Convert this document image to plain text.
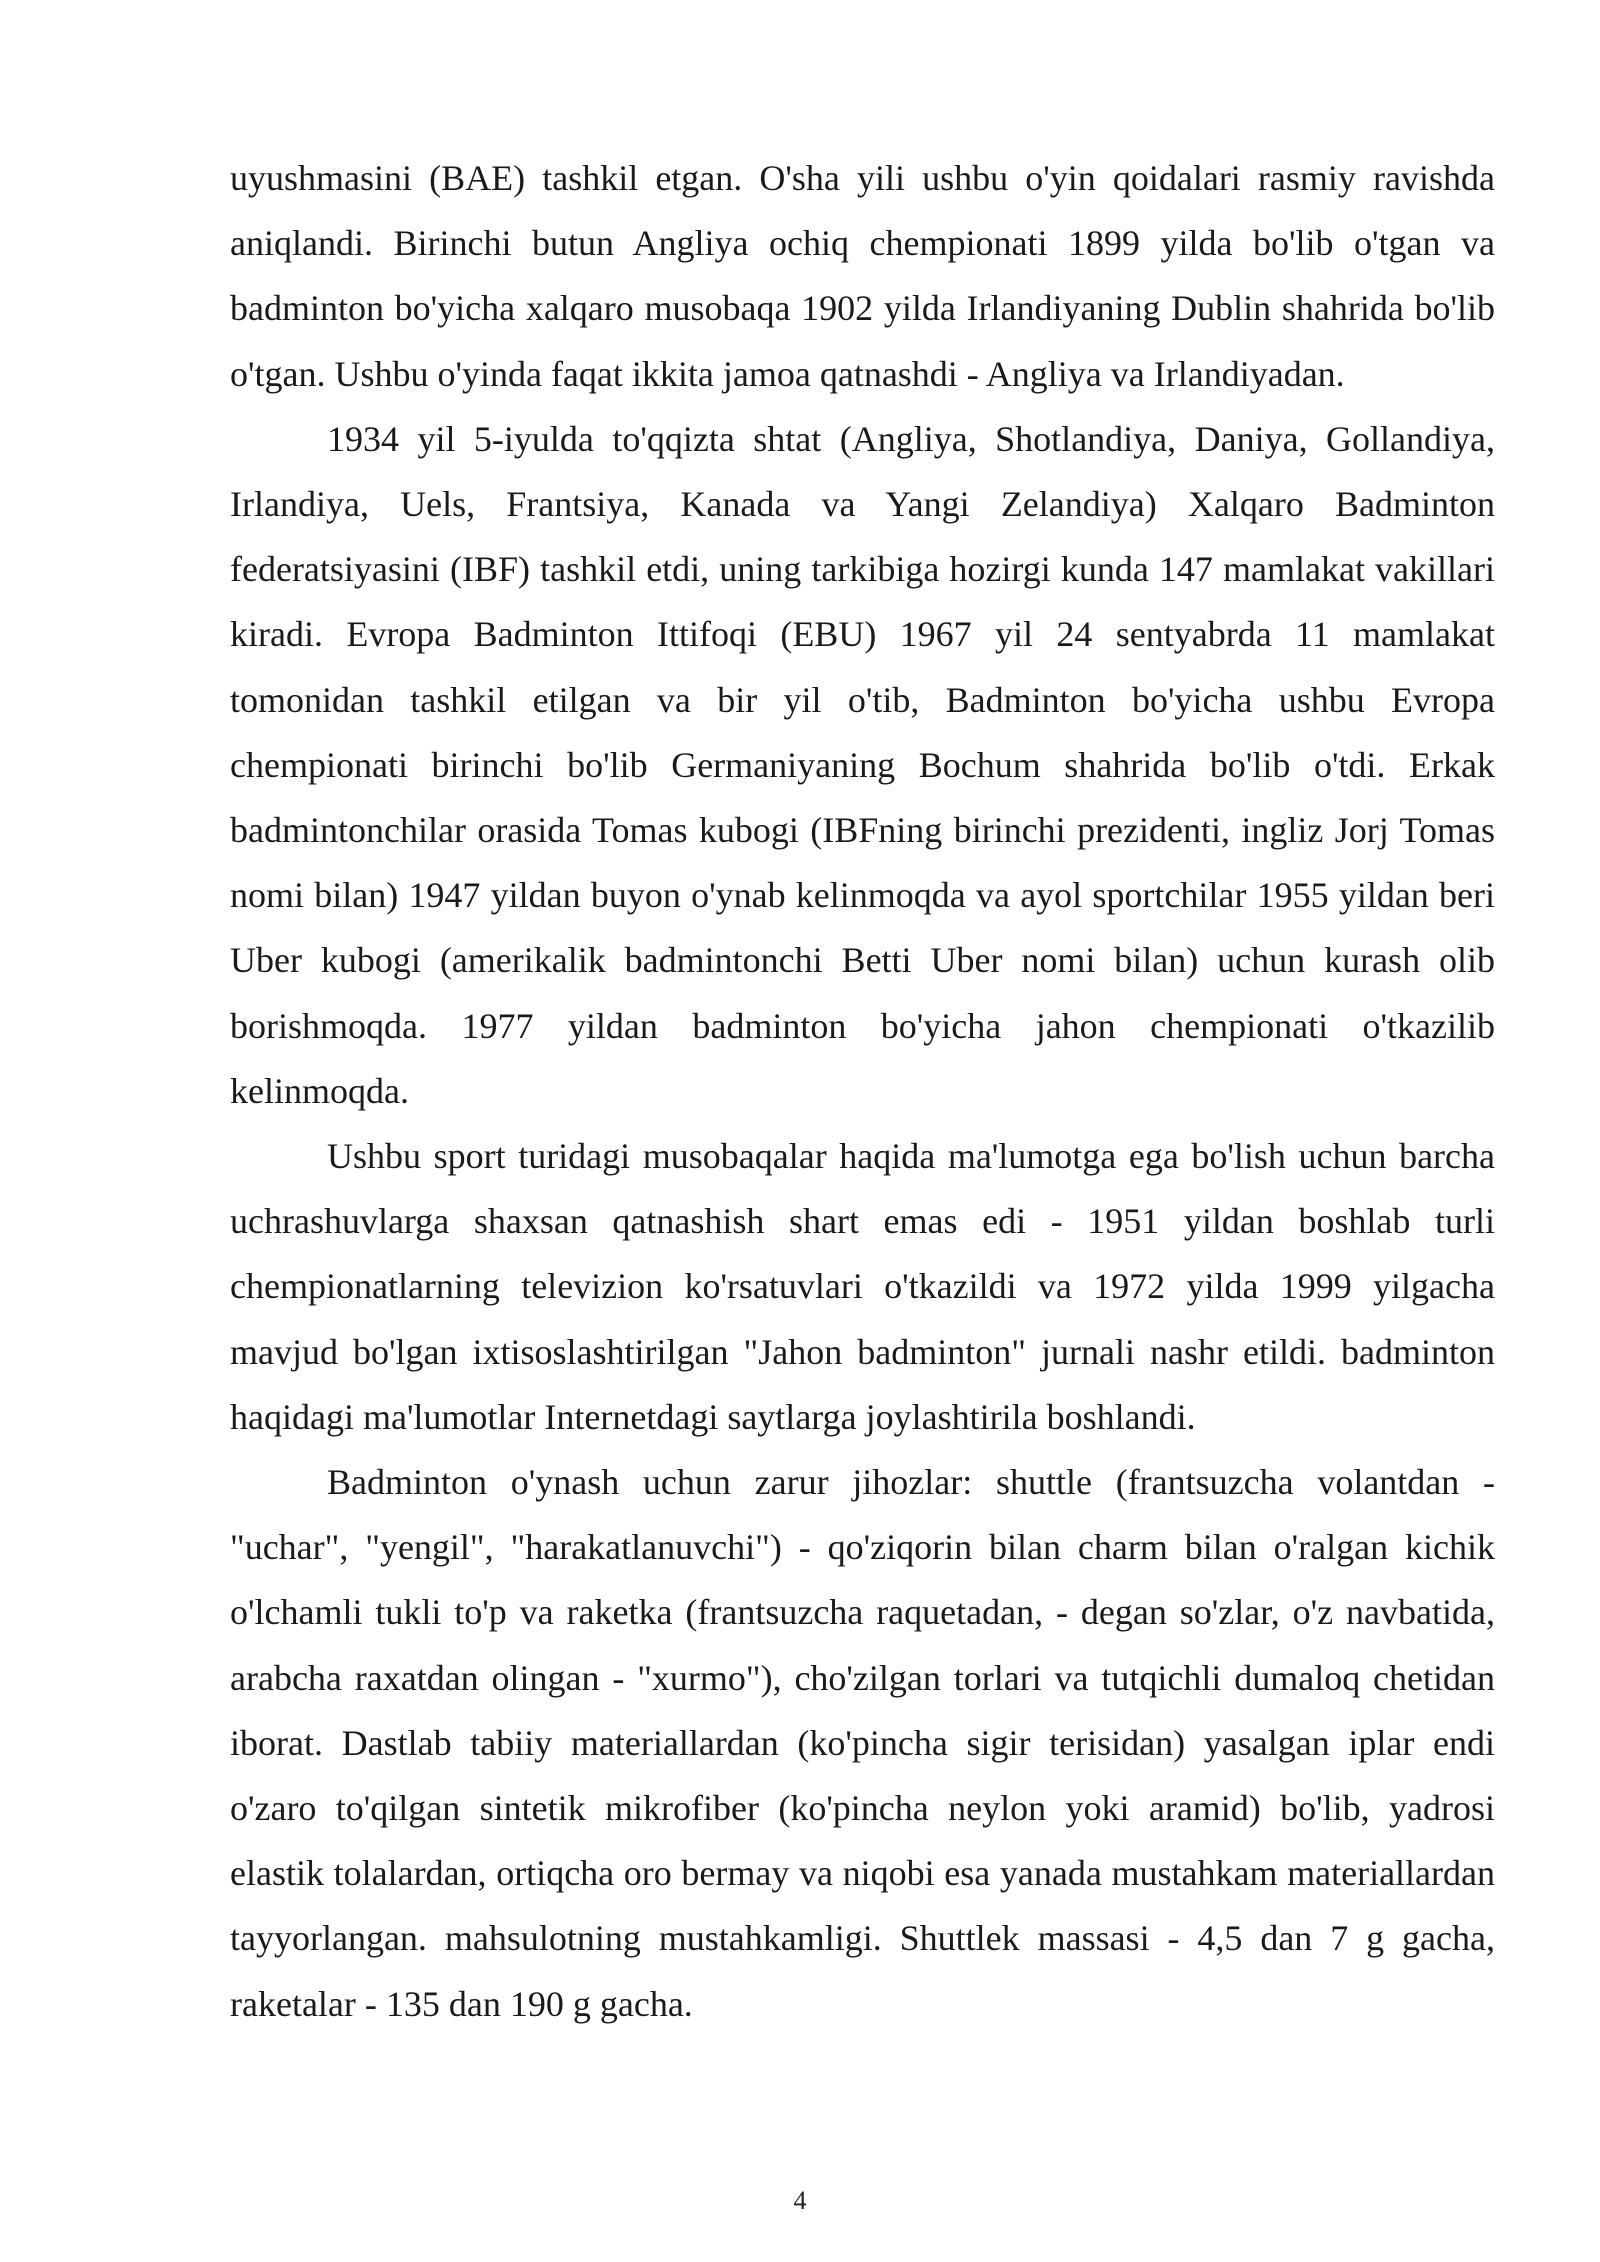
uyushmasini (BAE) tashkil etgan. O'sha yili ushbu o'yin qoidalari rasmiy ravishda aniqlandi. Birinchi butun Angliya ochiq chempionati 1899 yilda bo'lib o'tgan va badminton bo'yicha xalqaro musobaqa 1902 yilda Irlandiyaning Dublin shahrida bo'lib o'tgan. Ushbu o'yinda faqat ikkita jamoa qatnashdi - Angliya va Irlandiyadan.

1934 yil 5-iyulda to'qqizta shtat (Angliya, Shotlandiya, Daniya, Gollandiya, Irlandiya, Uels, Frantsiya, Kanada va Yangi Zelandiya) Xalqaro Badminton federatsiyasini (IBF) tashkil etdi, uning tarkibiga hozirgi kunda 147 mamlakat vakillari kiradi. Evropa Badminton Ittifoqi (EBU) 1967 yil 24 sentyabrda 11 mamlakat tomonidan tashkil etilgan va bir yil o'tib, Badminton bo'yicha ushbu Evropa chempionati birinchi bo'lib Germaniyaning Bochum shahrida bo'lib o'tdi. Erkak badmintonchilar orasida Tomas kubogi (IBFning birinchi prezidenti, ingliz Jorj Tomas nomi bilan) 1947 yildan buyon o'ynab kelinmoqda va ayol sportchilar 1955 yildan beri Uber kubogi (amerikalik badmintonchi Betti Uber nomi bilan) uchun kurash olib borishmoqda. 1977 yildan badminton bo'yicha jahon chempionati o'tkazilib kelinmoqda.

Ushbu sport turidagi musobaqalar haqida ma'lumotga ega bo'lish uchun barcha uchrashuvlarga shaxsan qatnashish shart emas edi - 1951 yildan boshlab turli chempionatlarning televizion ko'rsatuvlari o'tkazildi va 1972 yilda 1999 yilgacha mavjud bo'lgan ixtisoslashtirilgan "Jahon badminton" jurnali nashr etildi. badminton haqidagi ma'lumotlar Internetdagi saytlarga joylashtirila boshlandi.

Badminton o'ynash uchun zarur jihozlar: shuttle (frantsuzcha volantdan - "uchar", "yengil", "harakatlanuvchi") - qo'ziqorin bilan charm bilan o'ralgan kichik o'lchamli tukli to'p va raketka (frantsuzcha raquetadan, - degan so'zlar, o'z navbatida, arabcha raxatdan olingan - "xurmo"), cho'zilgan torlari va tutqichli dumaloq chetidan iborat. Dastlab tabiiy materiallardan (ko'pincha sigir terisidan) yasalgan iplar endi o'zaro to'qilgan sintetik mikrofiber (ko'pincha neylon yoki aramid) bo'lib, yadrosi elastik tolalardan, ortiqcha oro bermay va niqobi esa yanada mustahkam materiallardan tayyorlangan. mahsulotning mustahkamligi. Shuttlek massasi - 4,5 dan 7 g gacha, raketalar - 135 dan 190 g gacha.

4
